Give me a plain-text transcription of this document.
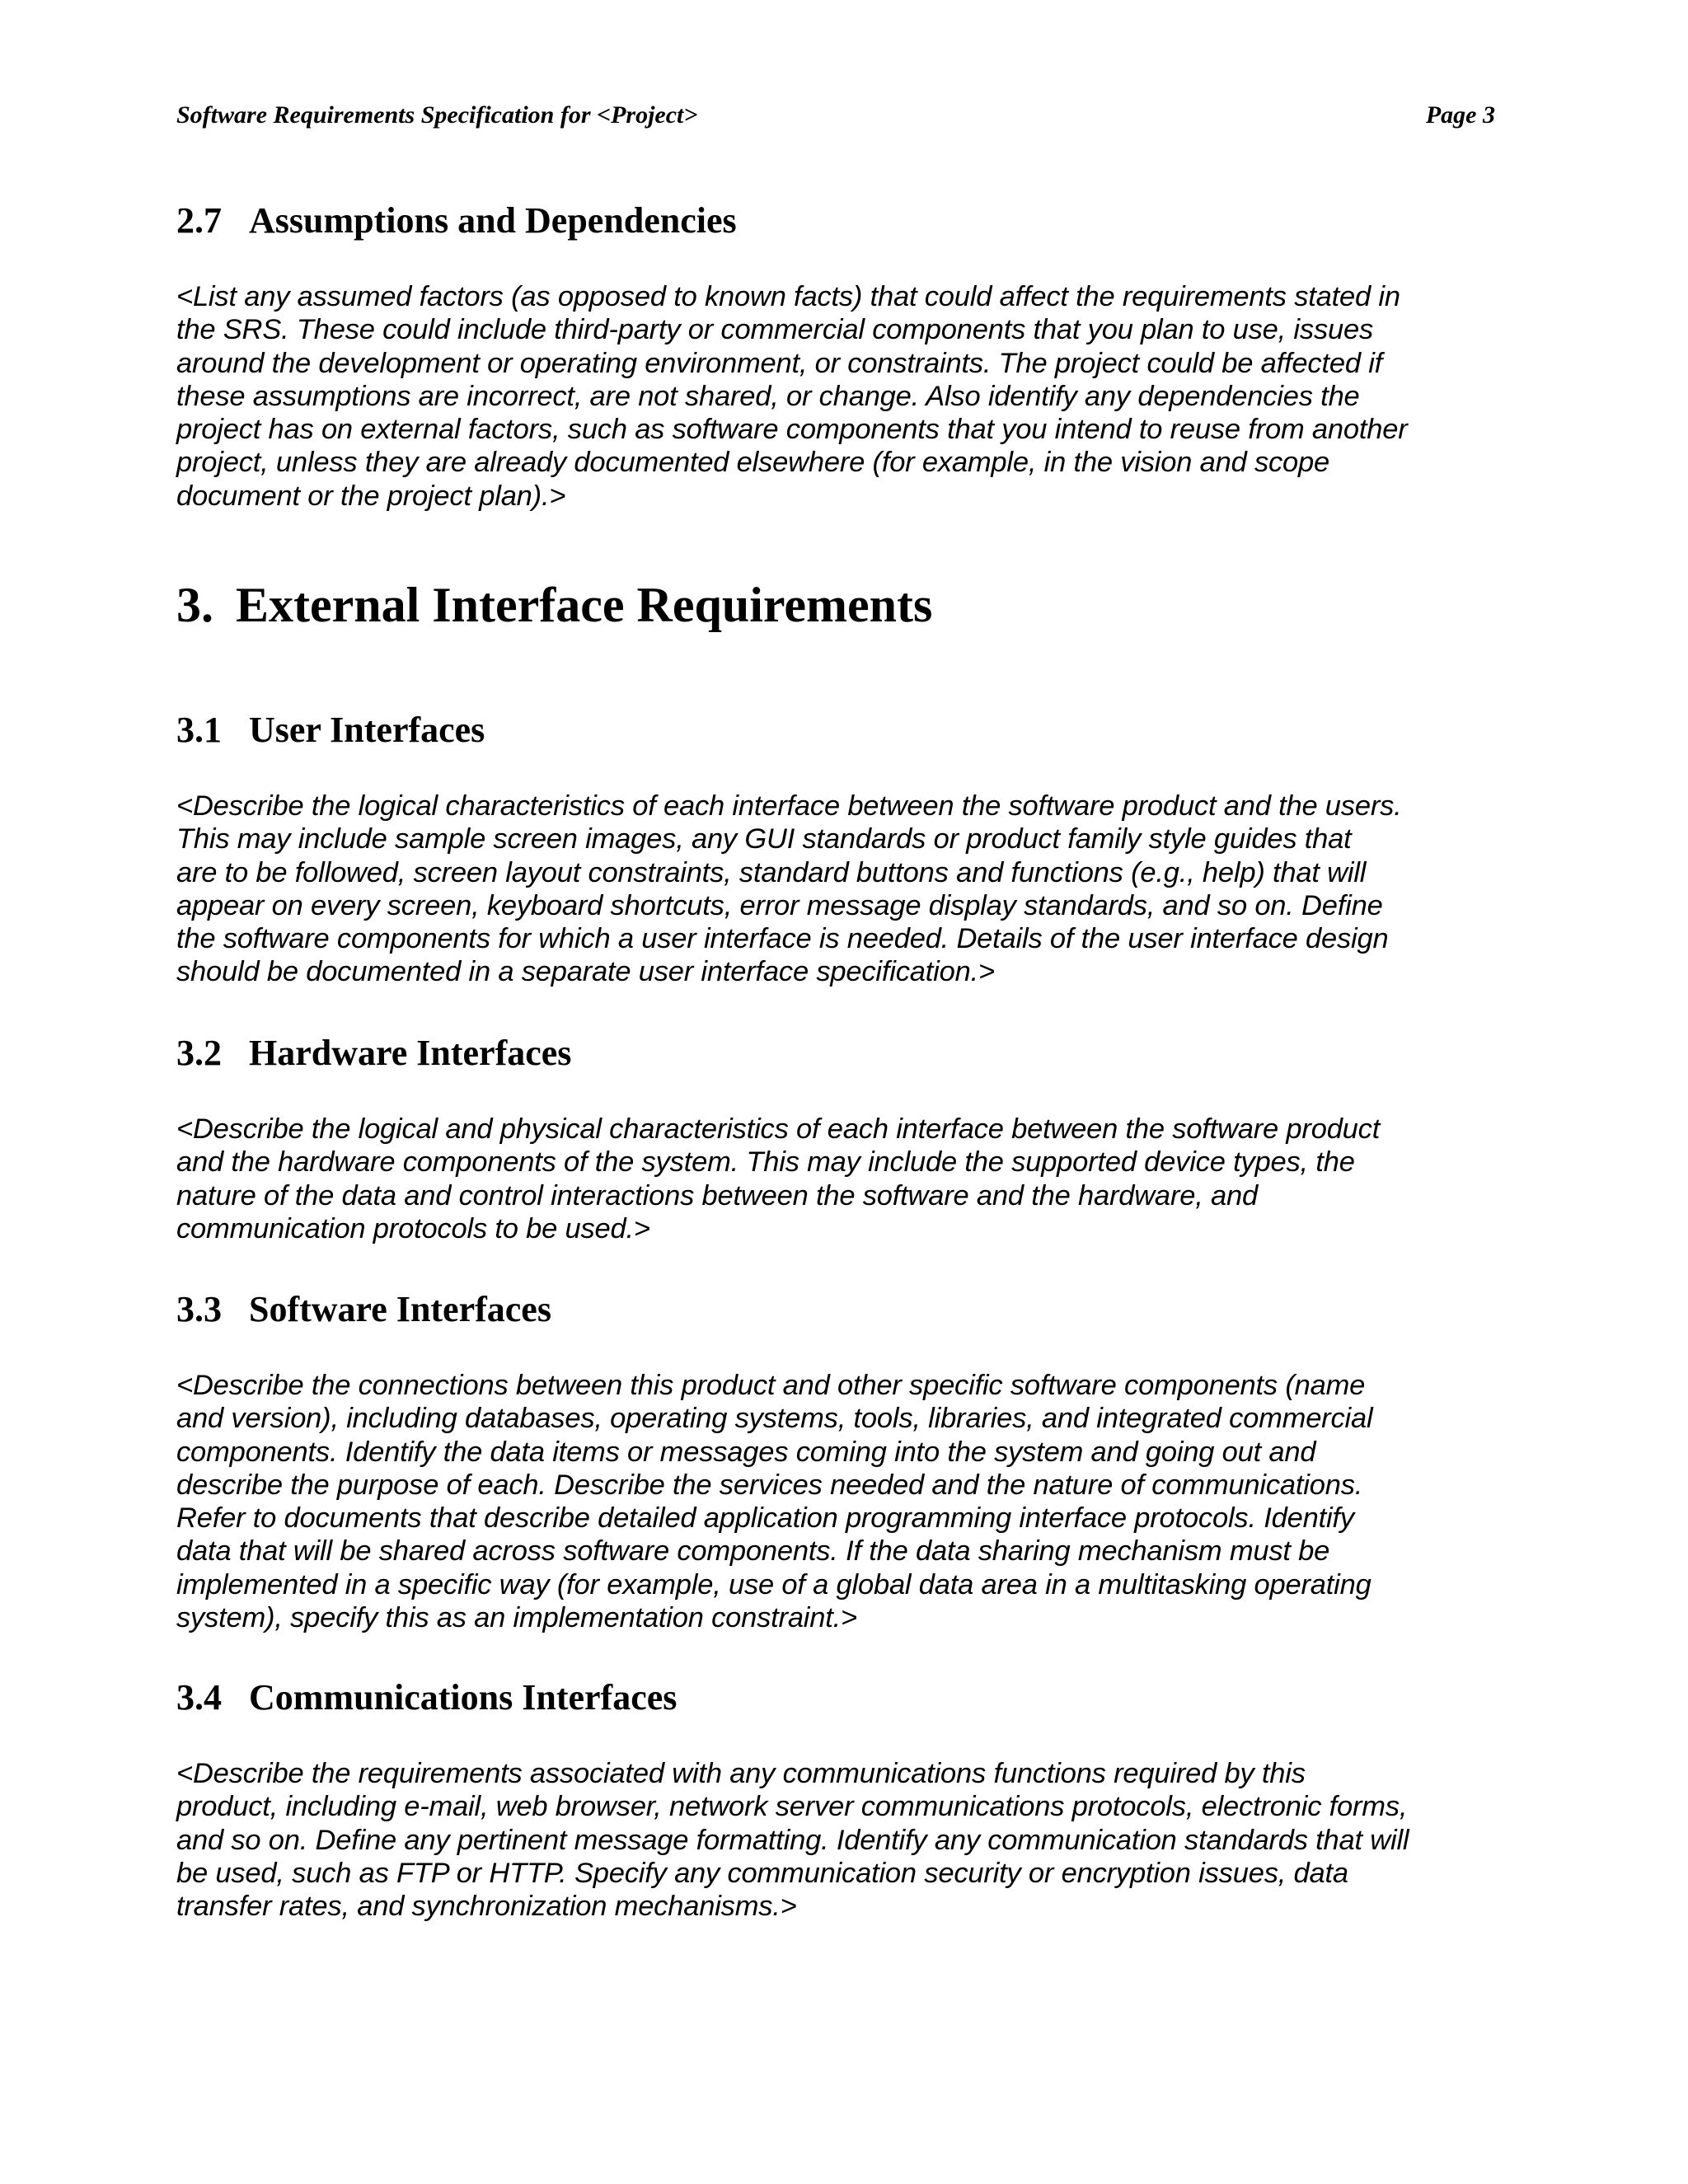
Software Requirements Specification for <Project>	Page 3
2.7 Assumptions and Dependencies
<List any assumed factors (as opposed to known facts) that could affect the requirements stated in
the SRS. These could include third-party or commercial components that you plan to use, issues
around the development or operating environment, or constraints. The project could be affected if
these assumptions are incorrect, are not shared, or change. Also identify any dependencies the
project has on external factors, such as software components that you intend to reuse from another
project, unless they are already documented elsewhere (for example, in the vision and scope
document or the project plan).>
3. External Interface Requirements
3.1 User Interfaces
<Describe the logical characteristics of each interface between the software product and the users.
This may include sample screen images, any GUI standards or product family style guides that
are to be followed, screen layout constraints, standard buttons and functions (e.g., help) that will
appear on every screen, keyboard shortcuts, error message display standards, and so on. Define
the software components for which a user interface is needed. Details of the user interface design
should be documented in a separate user interface specification.>
3.2 Hardware Interfaces
<Describe the logical and physical characteristics of each interface between the software product
and the hardware components of the system. This may include the supported device types, the
nature of the data and control interactions between the software and the hardware, and
communication protocols to be used.>
3.3 Software Interfaces
<Describe the connections between this product and other specific software components (name
and version), including databases, operating systems, tools, libraries, and integrated commercial
components. Identify the data items or messages coming into the system and going out and
describe the purpose of each. Describe the services needed and the nature of communications.
Refer to documents that describe detailed application programming interface protocols. Identify
data that will be shared across software components. If the data sharing mechanism must be
implemented in a specific way (for example, use of a global data area in a multitasking operating
system), specify this as an implementation constraint.>
3.4 Communications Interfaces
<Describe the requirements associated with any communications functions required by this
product, including e-mail, web browser, network server communications protocols, electronic forms,
and so on. Define any pertinent message formatting. Identify any communication standards that will
be used, such as FTP or HTTP. Specify any communication security or encryption issues, data
transfer rates, and synchronization mechanisms.>
